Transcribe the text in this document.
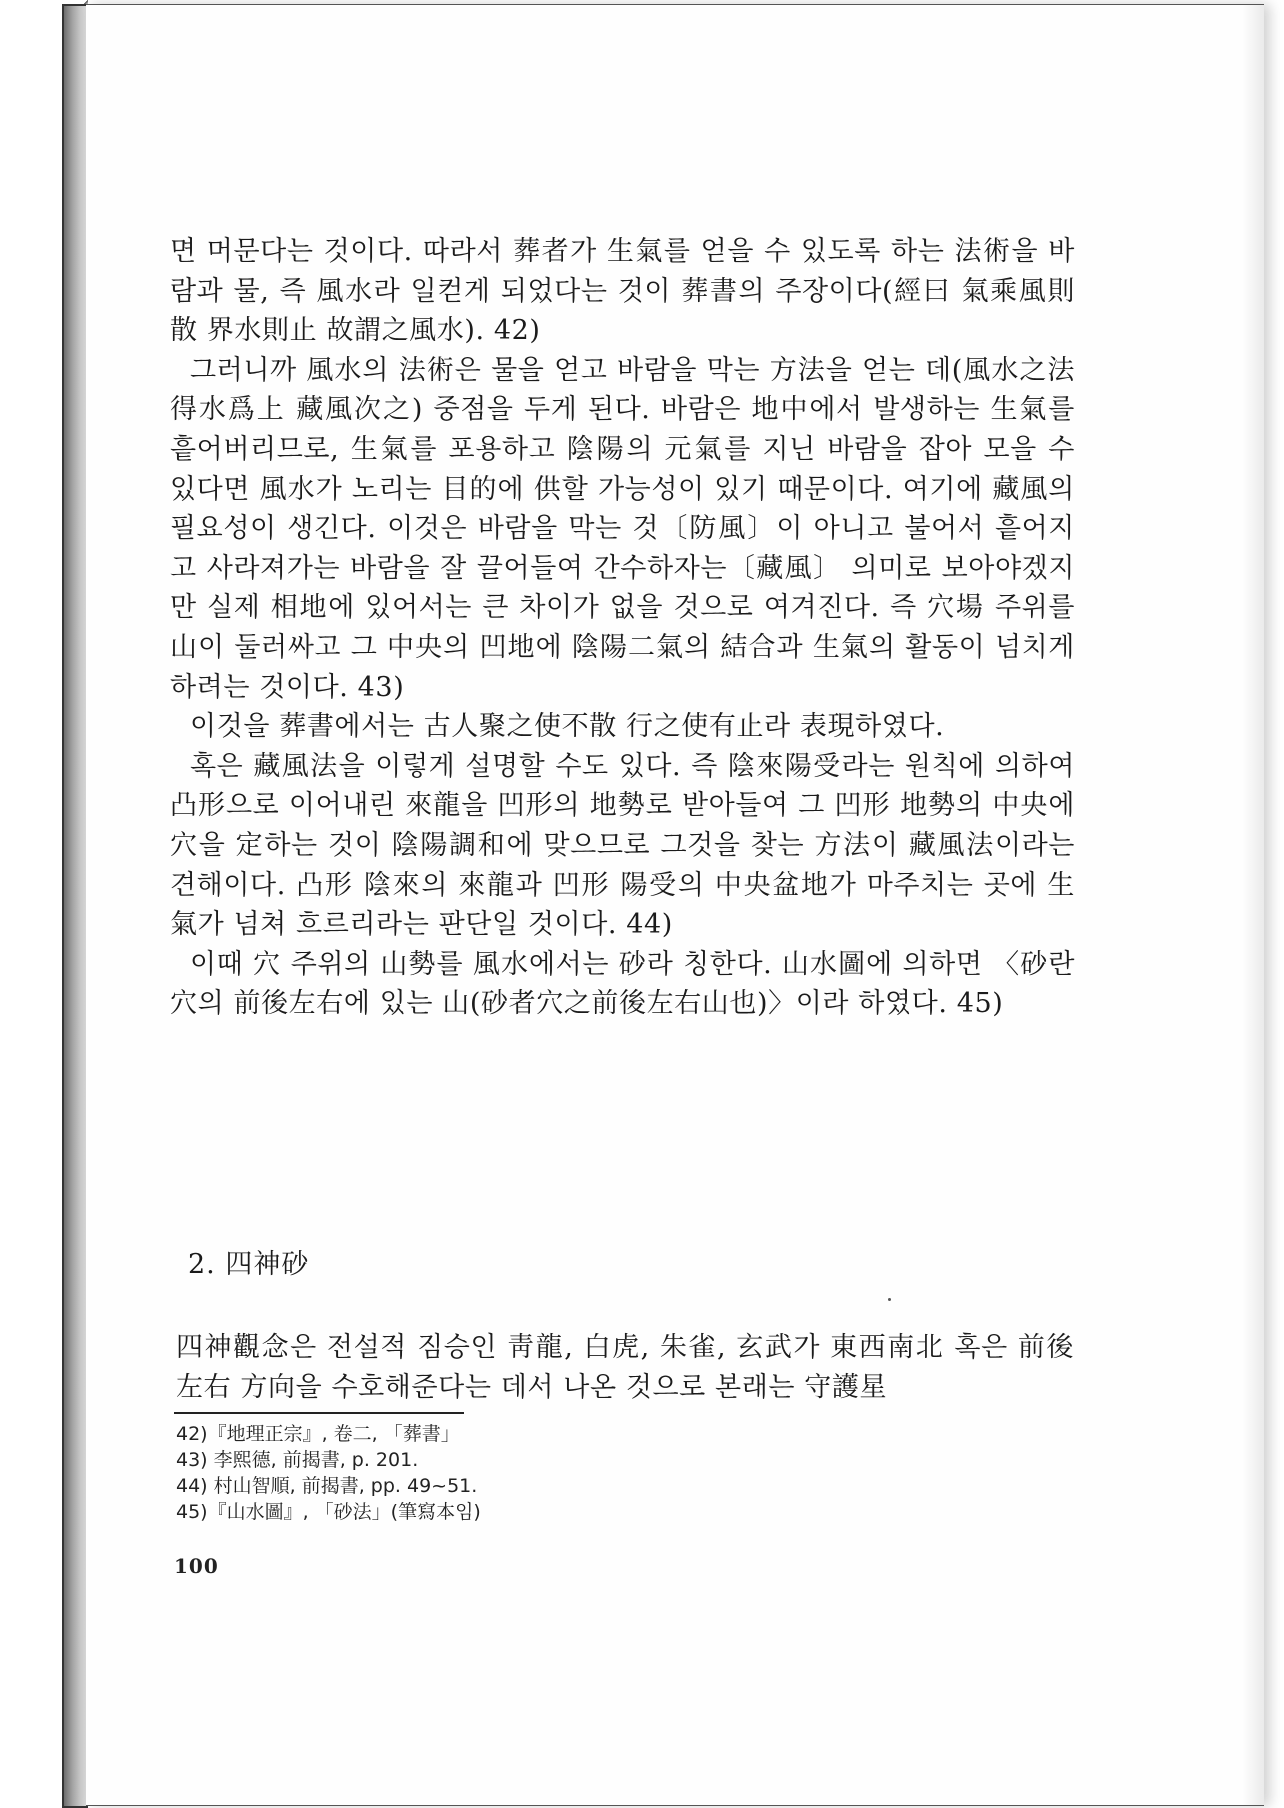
면 머문다는 것이다. 따라서 葬者가 生氣를 얻을 수 있도록 하는 法術을 바람과 물, 즉 風水라 일컫게 되었다는 것이 葬書의 주장이다(經曰 氣乘風則散 界水則止 故謂之風水). 42)

그러니까 風水의 法術은 물을 얻고 바람을 막는 方法을 얻는 데(風水之法 得水爲上 藏風次之) 중점을 두게 된다. 바람은 地中에서 발생하는 生氣를 흩어버리므로, 生氣를 포용하고 陰陽의 元氣를 지닌 바람을 잡아 모을 수 있다면 風水가 노리는 目的에 供할 가능성이 있기 때문이다. 여기에 藏風의 필요성이 생긴다. 이것은 바람을 막는 것〔防風〕이 아니고 불어서 흩어지고 사라져가는 바람을 잘 끌어들여 간수하자는〔藏風〕 의미로 보아야겠지만 실제 相地에 있어서는 큰 차이가 없을 것으로 여겨진다. 즉 穴場 주위를 山이 둘러싸고 그 中央의 凹地에 陰陽二氣의 結合과 生氣의 활동이 넘치게 하려는 것이다. 43)

이것을 葬書에서는 古人聚之使不散 行之使有止라 表現하였다.

혹은 藏風法을 이렇게 설명할 수도 있다. 즉 陰來陽受라는 원칙에 의하여 凸形으로 이어내린 來龍을 凹形의 地勢로 받아들여 그 凹形 地勢의 中央에 穴을 定하는 것이 陰陽調和에 맞으므로 그것을 찾는 方法이 藏風法이라는 견해이다. 凸形 陰來의 來龍과 凹形 陽受의 中央盆地가 마주치는 곳에 生氣가 넘쳐 흐르리라는 판단일 것이다. 44)

이때 穴 주위의 山勢를 風水에서는 砂라 칭한다. 山水圖에 의하면 〈砂란 穴의 前後左右에 있는 山(砂者穴之前後左右山也)〉이라 하였다. 45)

2. 四神砂

四神觀念은 전설적 짐승인 靑龍, 白虎, 朱雀, 玄武가 東西南北 혹은 前後左右 方向을 수호해준다는 데서 나온 것으로 본래는 守護星

42)『地理正宗』, 卷二, 「葬書」

43) 李熙德, 前揭書, p. 201.

44) 村山智順, 前揭書, pp. 49~51.

45)『山水圖』, 「砂法」(筆寫本임)

100
